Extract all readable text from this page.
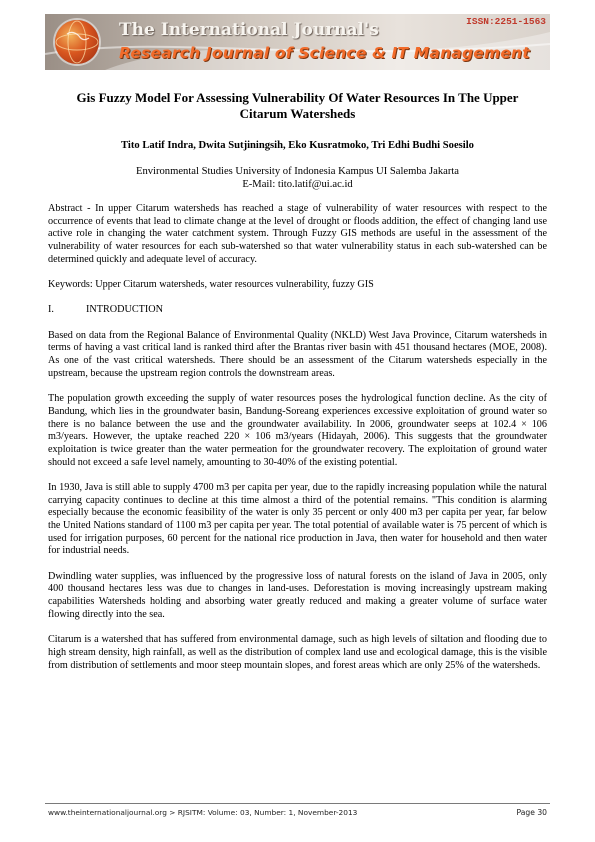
The International Journal's
Research Journal of Science & IT Management
ISSN:2251-1563
Gis Fuzzy Model For Assessing Vulnerability Of Water Resources In The Upper Citarum Watersheds
Tito Latif Indra, Dwita Sutjiningsih, Eko Kusratmoko, Tri Edhi Budhi Soesilo
Environmental Studies University of Indonesia Kampus UI Salemba Jakarta
E-Mail: tito.latif@ui.ac.id

Abstract - In upper Citarum watersheds has reached a stage of vulnerability of water resources with respect to the occurrence of events that lead to climate change at the level of drought or floods addition, the effect of changing land use active role in changing the water catchment system. Through Fuzzy GIS methods are useful in the assessment of the vulnerability of water resources for each sub-watershed so that water vulnerability status in each sub-watershed can be determined quickly and adequate level of accuracy.

Keywords: Upper Citarum watersheds, water resources vulnerability, fuzzy GIS

I.	INTRODUCTION

Based on data from the Regional Balance of Environmental Quality (NKLD) West Java Province, Citarum watersheds in terms of having a vast critical land is ranked third after the Brantas river basin with 451 thousand hectares (MOE, 2008). As one of the vast critical watersheds. There should be an assessment of the Citarum watersheds especially in the upstream, because the upstream region controls the downstream areas.

The population growth exceeding the supply of water resources poses the hydrological function decline. As the city of Bandung, which lies in the groundwater basin, Bandung-Soreang experiences excessive exploitation of ground water so there is no balance between the use and the groundwater availability. In 2006, groundwater seeps at 102.4 × 106 m3/years. However, the uptake reached 220 × 106 m3/years (Hidayah, 2006). This suggests that the groundwater exploitation is twice greater than the water permeation for the groundwater recovery. The exploitation of ground water should not exceed a safe level namely, amounting to 30-40% of the existing potential.

In 1930, Java is still able to supply 4700 m3 per capita per year, due to the rapidly increasing population while the natural carrying capacity continues to decline at this time almost a third of the potential remains. "This condition is alarming especially because the economic feasibility of the water is only 35 percent or only 400 m3 per capita per year, far below the United Nations standard of 1100 m3 per capita per year. The total potential of available water is 75 percent of which is used for irrigation purposes, 60 percent for the national rice production in Java, then water for household and then water for industrial needs.

Dwindling water supplies, was influenced by the progressive loss of natural forests on the island of Java in 2005, only 400 thousand hectares less was due to changes in land-uses. Deforestation is moving increasingly upstream making capabilities Watersheds holding and absorbing water greatly reduced and making a greater volume of surface water flowing directly into the sea.

Citarum is a watershed that has suffered from environmental damage, such as high levels of siltation and flooding due to high stream density, high rainfall, as well as the distribution of complex land use and ecological damage, this is the visible from distribution of settlements and moor steep mountain slopes, and forest areas which are only 25% of the watersheds.

www.theinternationaljournal.org > RJSITM: Volume: 03, Number: 1, November-2013	Page 30
